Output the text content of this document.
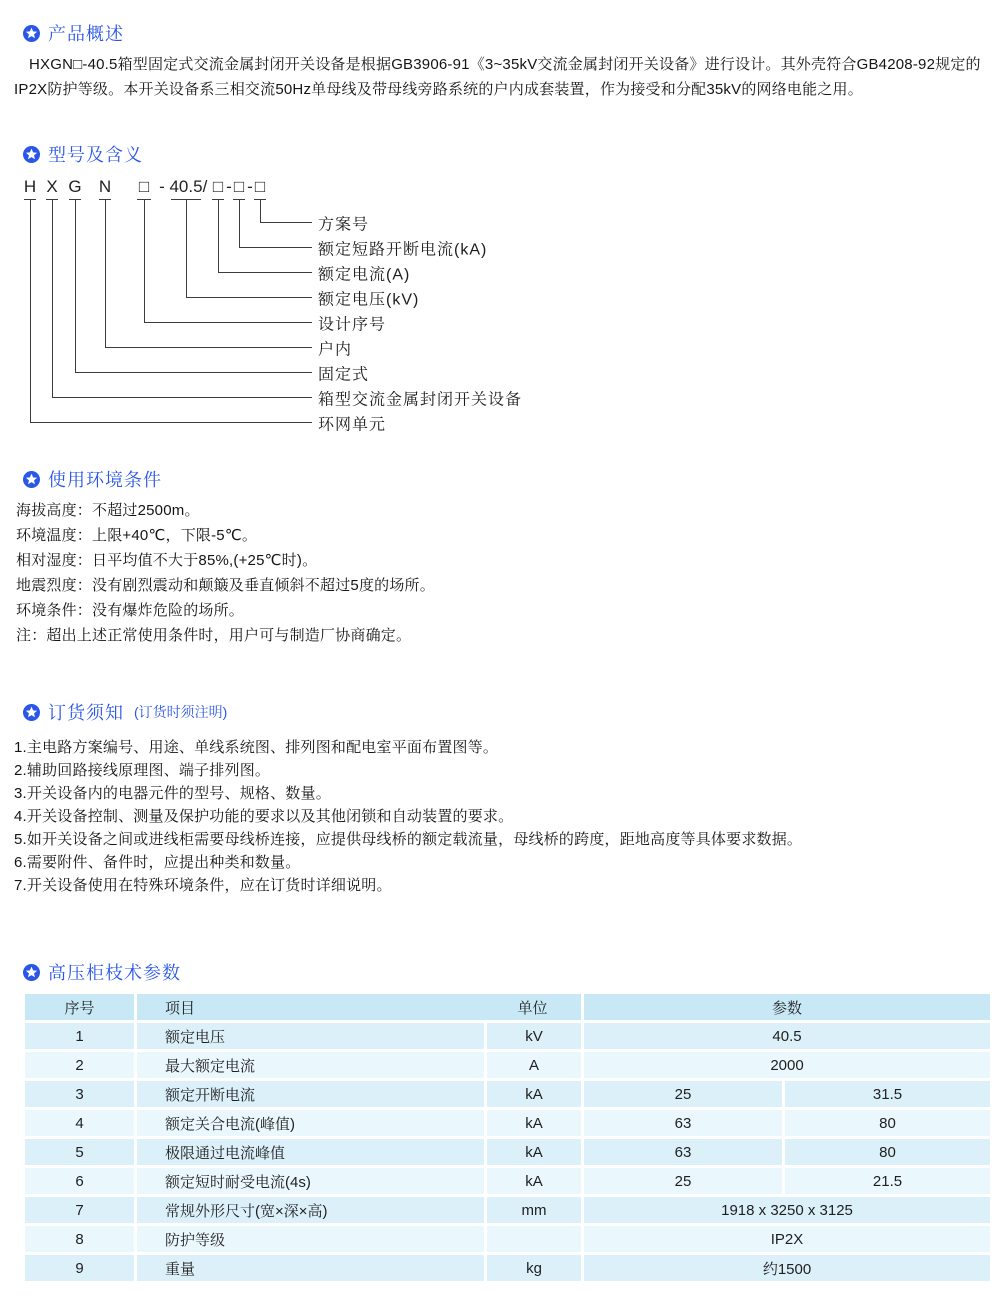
产品概述
HXGN□-40.5箱型固定式交流金属封闭开关设备是根据GB3906-91《3~35kV交流金属封闭开关设备》进行设计。其外壳符合GB4208-92规定的IP2X防护等级。本开关设备系三相交流50Hz单母线及带母线旁路系统的户内成套装置，作为接受和分配35kV的网络电能之用。
型号及含义
H X G N □ - 40.5 / □ - □ - □
方案号
额定短路开断电流(kA)
额定电流(A)
额定电压(kV)
设计序号
户内
固定式
箱型交流金属封闭开关设备
环网单元
使用环境条件
海拔高度：不超过2500m。
环境温度：上限+40℃，下限-5℃。
相对湿度：日平均值不大于85%,(+25℃时)。
地震烈度：没有剧烈震动和颠簸及垂直倾斜不超过5度的场所。
环境条件：没有爆炸危险的场所。
注：超出上述正常使用条件时，用户可与制造厂协商确定。
订货须知 (订货时须注明)
1.主电路方案编号、用途、单线系统图、排列图和配电室平面布置图等。
2.辅助回路接线原理图、端子排列图。
3.开关设备内的电器元件的型号、规格、数量。
4.开关设备控制、测量及保护功能的要求以及其他闭锁和自动装置的要求。
5.如开关设备之间或进线柜需要母线桥连接，应提供母线桥的额定载流量，母线桥的跨度，距地高度等具体要求数据。
6.需要附件、备件时，应提出种类和数量。
7.开关设备使用在特殊环境条件，应在订货时详细说明。
高压柜枝术参数
序号	项目 单位		参数	
1	额定电压	kV	40.5	
2	最大额定电流	A	2000	
3	额定开断电流	kA	25	31.5
4	额定关合电流(峰值)	kA	63	80
5	极限通过电流峰值	kA	63	80
6	额定短时耐受电流(4s)	kA	25	21.5
7	常规外形尺寸(宽×深×高)	mm	1918 x 3250 x 3125	
8	防护等级		IP2X	
9	重量	kg	约1500	
